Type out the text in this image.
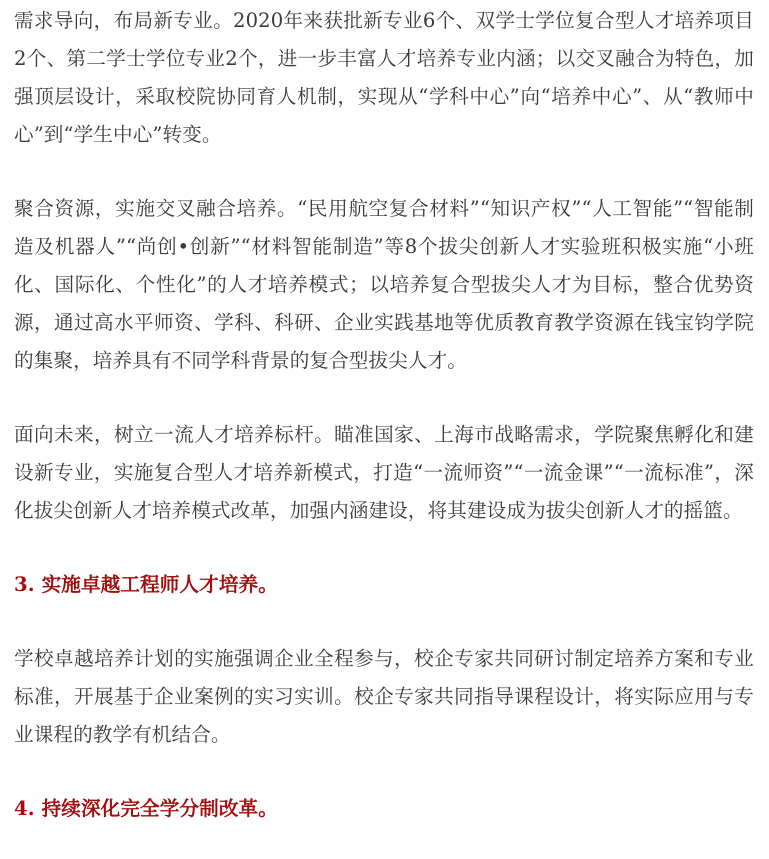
需求导向，布局新专业。2020年来获批新专业6个、双学士学位复合型人才培养项目2个、第二学士学位专业2个，进一步丰富人才培养专业内涵；以交叉融合为特色，加强顶层设计，采取校院协同育人机制，实现从“学科中心”向“培养中心”、从“教师中心”到“学生中心”转变。

聚合资源，实施交叉融合培养。“民用航空复合材料”“知识产权”“人工智能”“智能制造及机器人”“尚创•创新”“材料智能制造”等8个拔尖创新人才实验班积极实施“小班化、国际化、个性化”的人才培养模式；以培养复合型拔尖人才为目标，整合优势资源，通过高水平师资、学科、科研、企业实践基地等优质教育教学资源在钱宝钧学院的集聚，培养具有不同学科背景的复合型拔尖人才。

面向未来，树立一流人才培养标杆。瞄准国家、上海市战略需求，学院聚焦孵化和建设新专业，实施复合型人才培养新模式，打造“一流师资”“一流金课”“一流标准”，深化拔尖创新人才培养模式改革，加强内涵建设，将其建设成为拔尖创新人才的摇篮。

3. 实施卓越工程师人才培养。

学校卓越培养计划的实施强调企业全程参与，校企专家共同研讨制定培养方案和专业标准，开展基于企业案例的实习实训。校企专家共同指导课程设计，将实际应用与专业课程的教学有机结合。

4. 持续深化完全学分制改革。
